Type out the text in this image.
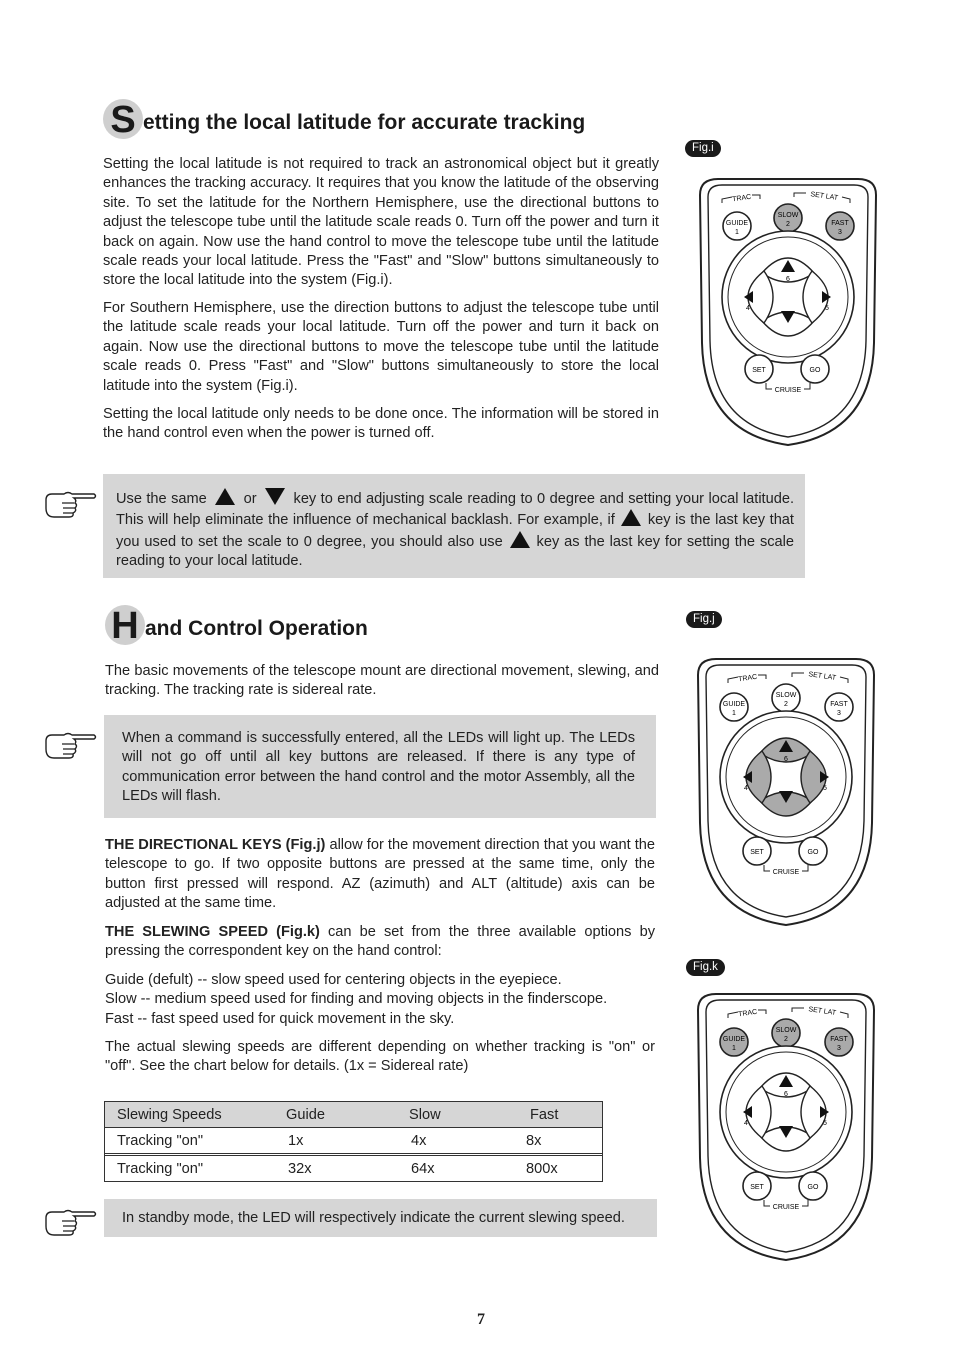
S etting the local latitude for accurate tracking

Setting the local latitude is not required to track an astronomical object but it greatly enhances the tracking accuracy. It requires that you know the latitude of the observing site. To set the latitude for the Northern Hemisphere, use the directional buttons to adjust the telescope tube until the latitude scale reads 0. Turn off the power and turn it back on again. Now use the hand control to move the telescope tube until the latitude scale reads your local latitude. Press the "Fast" and "Slow" buttons simultaneously to store the local latitude into the system (Fig.i).

For Southern Hemisphere, use the direction buttons to adjust the telescope tube until the latitude scale reads your local latitude. Turn off the power and turn it back on again. Now use the directional buttons to move the telescope tube until the latitude scale reads 0. Press "Fast" and "Slow" buttons simultaneously to store the local latitude into the system (Fig.i).

Setting the local latitude only needs to be done once. The information will be stored in the hand control even when the power is turned off.

Use the same	or	key to end adjusting scale reading to 0 degree and setting your local latitude. This will help eliminate the influence of mechanical backlash. For example, if key is the last key that you used to set the scale to 0 degree, you should also use key as the last key for setting the scale reading to your local latitude.

H and Control Operation

The basic movements of the telescope mount are directional movement, slewing, and tracking. The tracking rate is sidereal rate.

When a command is successfully entered, all the LEDs will light up. The LEDs will not go off until all key buttons are released. If there is any type of communication error between the hand control and the motor Assembly, all the LEDs will flash.

THE DIRECTIONAL KEYS (Fig.j) allow for the movement direction that you want the telescope to go. If two opposite buttons are pressed at the same time, only the button first pressed will respond. AZ (azimuth) and ALT (altitude) axis can be adjusted at the same time.

THE SLEWING SPEED (Fig.k) can be set from the three available options by pressing the correspondent key on the hand control:

Guide (defult) -- slow speed used for centering objects in the eyepiece.
Slow -- medium speed used for finding and moving objects in the finderscope.
Fast -- fast speed used for quick movement in the sky.

The actual slewing speeds are different depending on whether tracking is "on" or "off". See the chart below for details. (1x = Sidereal rate)

Slewing Speeds	Guide	Slow	Fast
Tracking "on"	1x	4x	8x

Tracking "on"	32x	64x	800x

In standby mode, the LED will respectively indicate the current slewing speed.

Fig.i
Fig.j
Fig.k
TRAC	SET LAT
GUIDE
1
SLOW
2	FAST
3
6
4	5
SET	GO
CRUISE
TRAC	SET LAT
GUIDE
1
SLOW
2	FAST
3
6
4	5
SET	GO
CRUISE
TRAC	SET LAT
GUIDE
1
SLOW
2	FAST
3
6
4	5
SET	GO
CRUISE
7
